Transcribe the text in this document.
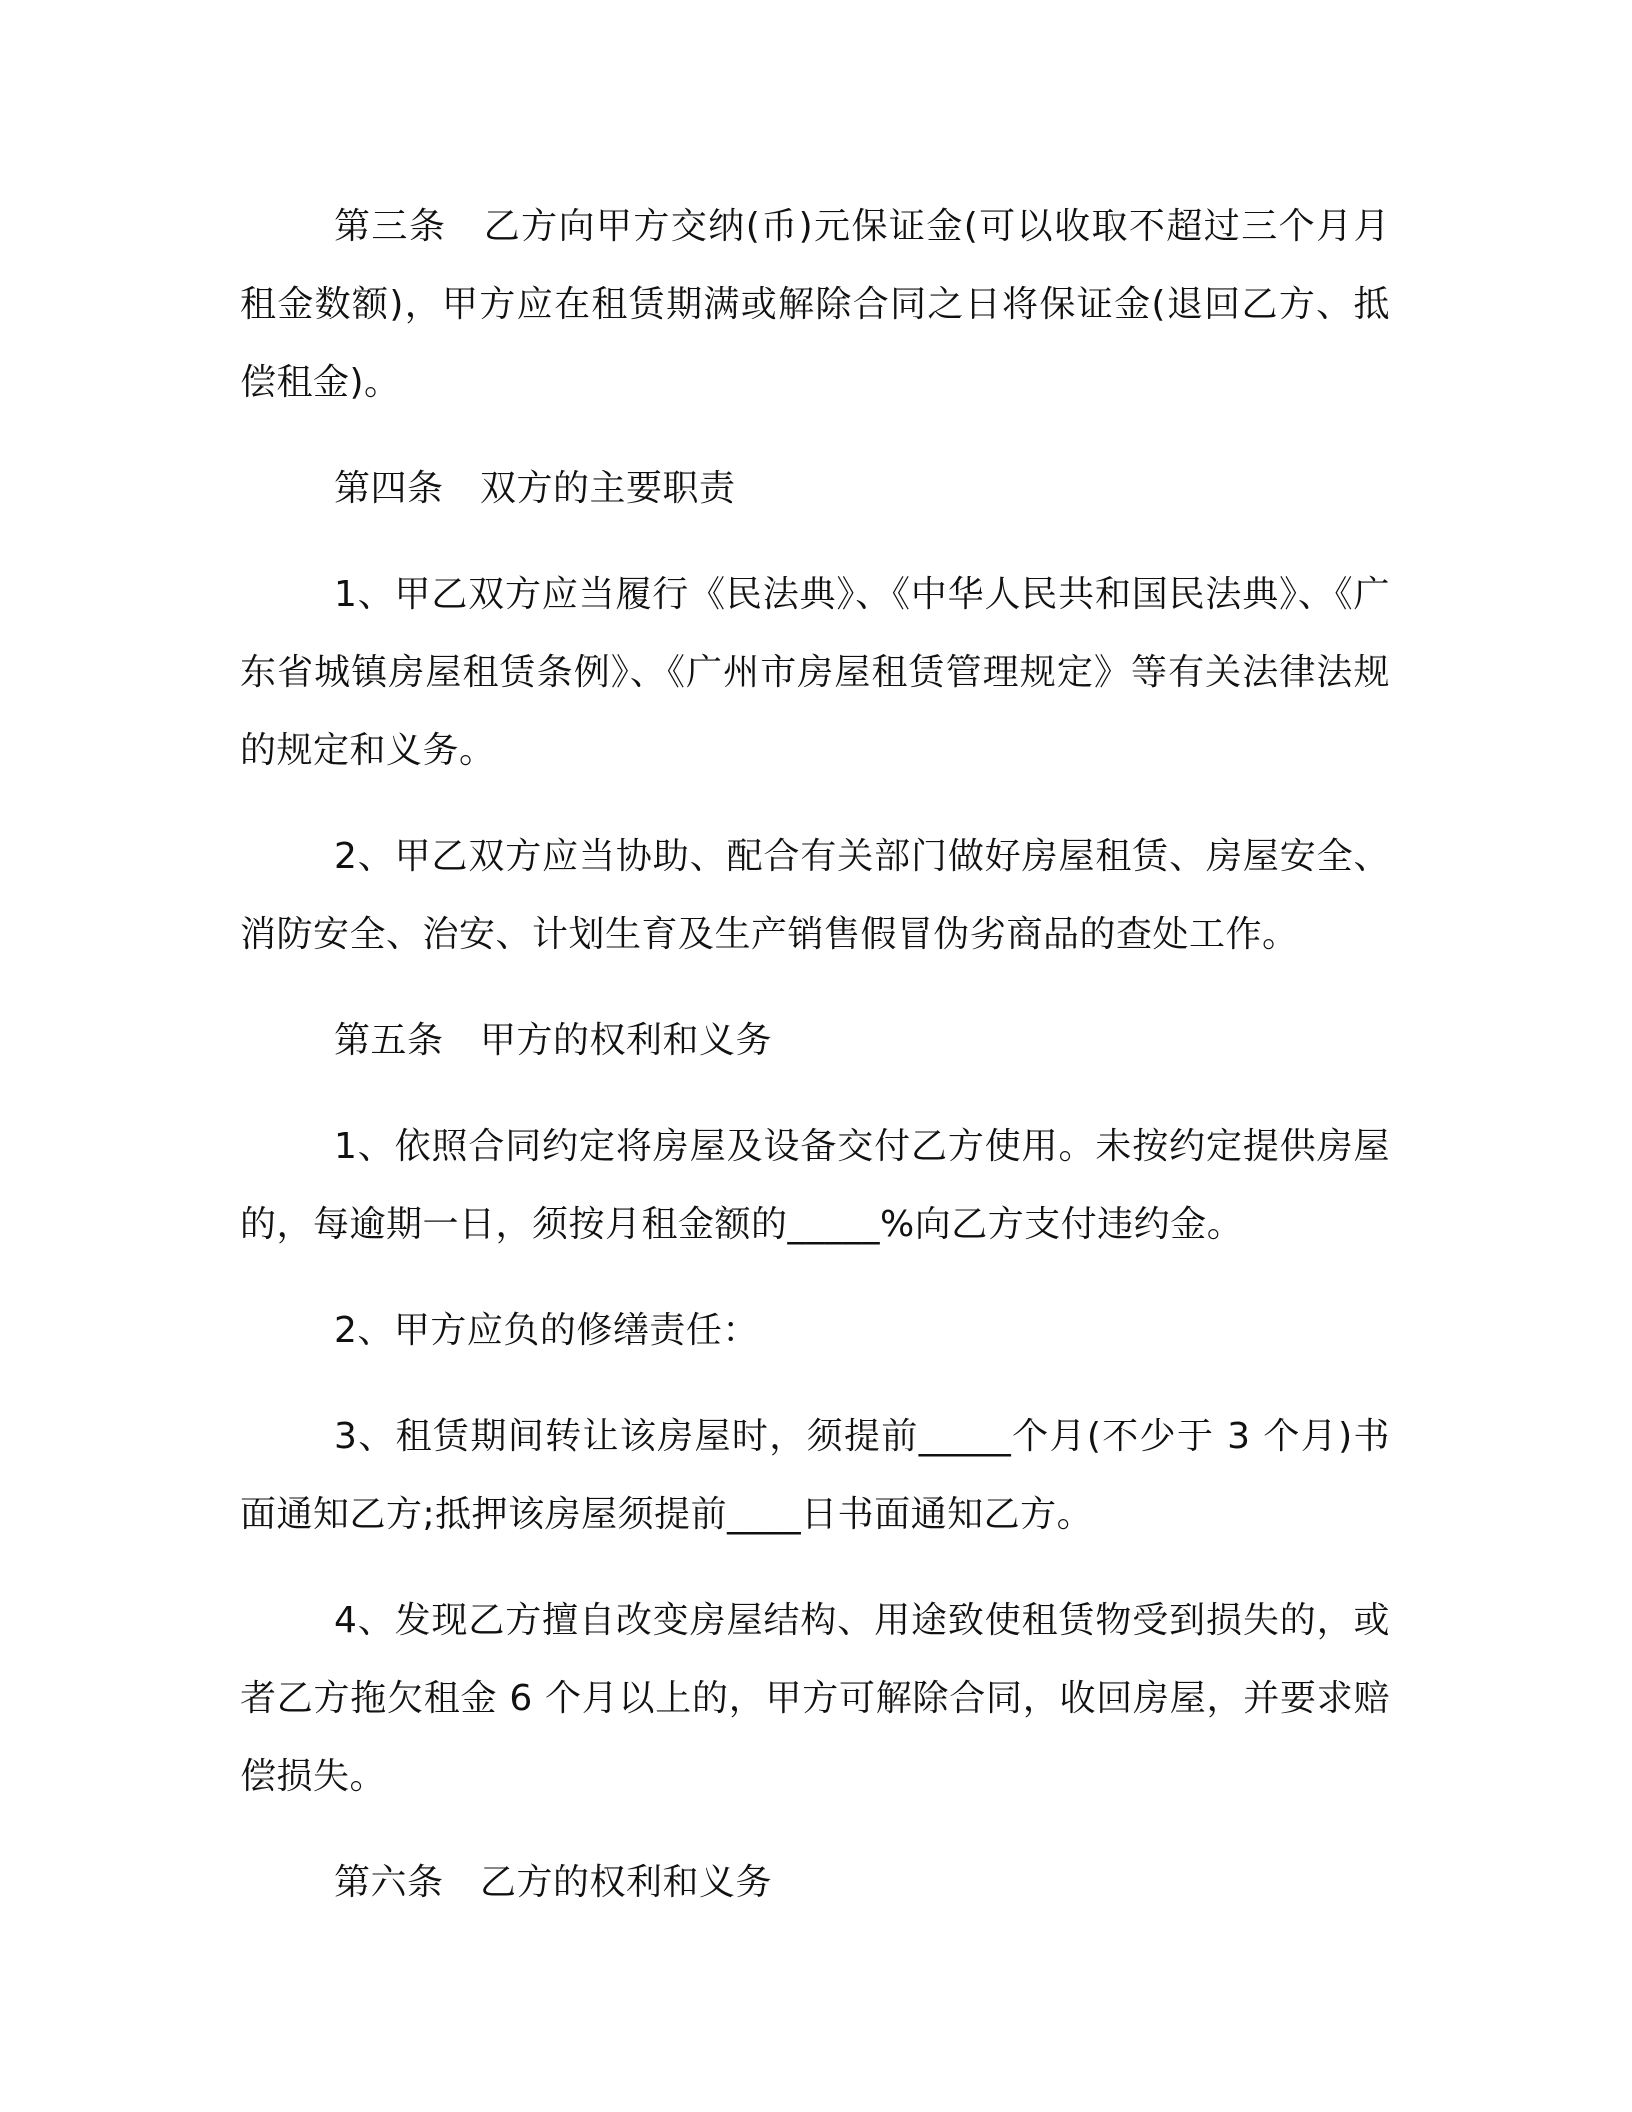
第三条　乙方向甲方交纳(币)元保证金(可以收取不超过三个月月租金数额)，甲方应在租赁期满或解除合同之日将保证金(退回乙方、抵偿租金)。

第四条　双方的主要职责

1、甲乙双方应当履行《民法典》、《中华人民共和国民法典》、《广东省城镇房屋租赁条例》、《广州市房屋租赁管理规定》等有关法律法规的规定和义务。

2、甲乙双方应当协助、配合有关部门做好房屋租赁、房屋安全、消防安全、治安、计划生育及生产销售假冒伪劣商品的查处工作。

第五条　甲方的权利和义务

1、依照合同约定将房屋及设备交付乙方使用。未按约定提供房屋的，每逾期一日，须按月租金额的_____%向乙方支付违约金。

2、甲方应负的修缮责任：

3、租赁期间转让该房屋时，须提前_____个月(不少于 3 个月)书面通知乙方;抵押该房屋须提前____日书面通知乙方。

4、发现乙方擅自改变房屋结构、用途致使租赁物受到损失的，或者乙方拖欠租金 6 个月以上的，甲方可解除合同，收回房屋，并要求赔偿损失。

第六条　乙方的权利和义务
